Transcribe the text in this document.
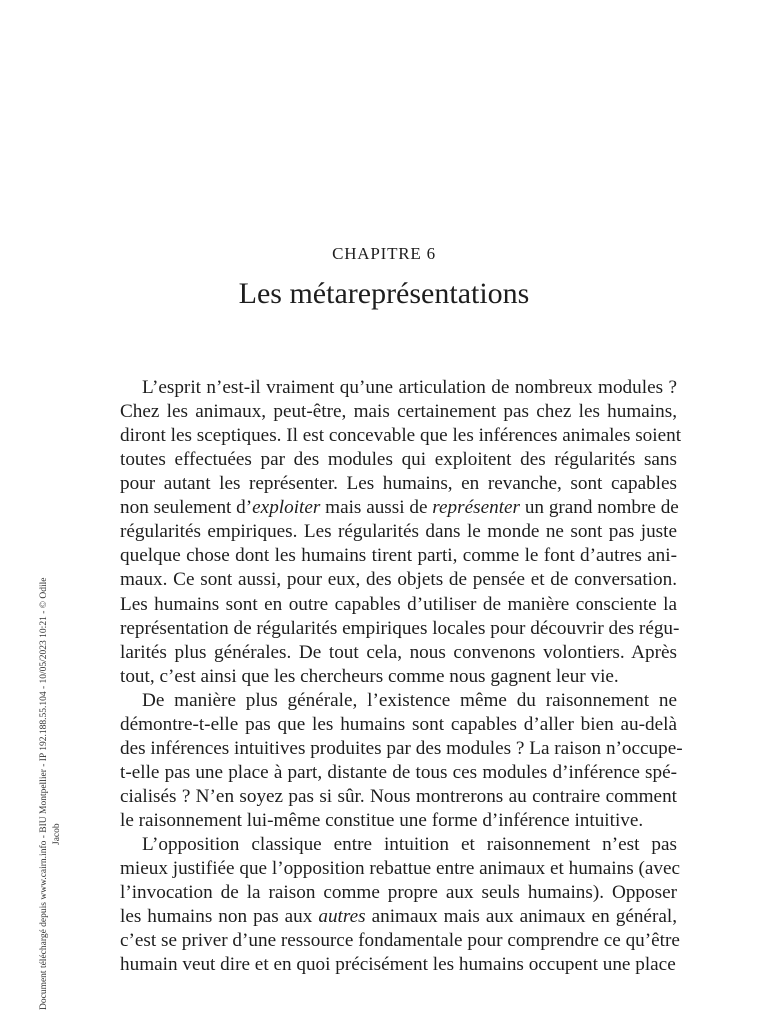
CHAPITRE 6
Les métareprésentations
L’esprit n’est-il vraiment qu’une articulation de nombreux modules ?
Chez les animaux, peut-être, mais certainement pas chez les humains,
diront les sceptiques. Il est concevable que les inférences animales soient
toutes effectuées par des modules qui exploitent des régularités sans
pour autant les représenter. Les humains, en revanche, sont capables
non seulement d’exploiter mais aussi de représenter un grand nombre de
régularités empiriques. Les régularités dans le monde ne sont pas juste
quelque chose dont les humains tirent parti, comme le font d’autres ani-
maux. Ce sont aussi, pour eux, des objets de pensée et de conversation.
Les humains sont en outre capables d’utiliser de manière consciente la
représentation de régularités empiriques locales pour découvrir des régu-
larités plus générales. De tout cela, nous convenons volontiers. Après
tout, c’est ainsi que les chercheurs comme nous gagnent leur vie.
De manière plus générale, l’existence même du raisonnement ne
démontre-t-elle pas que les humains sont capables d’aller bien au-delà
des inférences intuitives produites par des modules ? La raison n’occupe-
t-elle pas une place à part, distante de tous ces modules d’inférence spé-
cialisés ? N’en soyez pas si sûr. Nous montrerons au contraire comment
le raisonnement lui-même constitue une forme d’inférence intuitive.
L’opposition classique entre intuition et raisonnement n’est pas
mieux justifiée que l’opposition rebattue entre animaux et humains (avec
l’invocation de la raison comme propre aux seuls humains). Opposer
les humains non pas aux autres animaux mais aux animaux en général,
c’est se priver d’une ressource fondamentale pour comprendre ce qu’être
humain veut dire et en quoi précisément les humains occupent une place
Document téléchargé depuis www.cairn.info - BIU Montpellier - IP 192.188.55.104 - 10/05/2023 10:21 - © Odile Jacob
